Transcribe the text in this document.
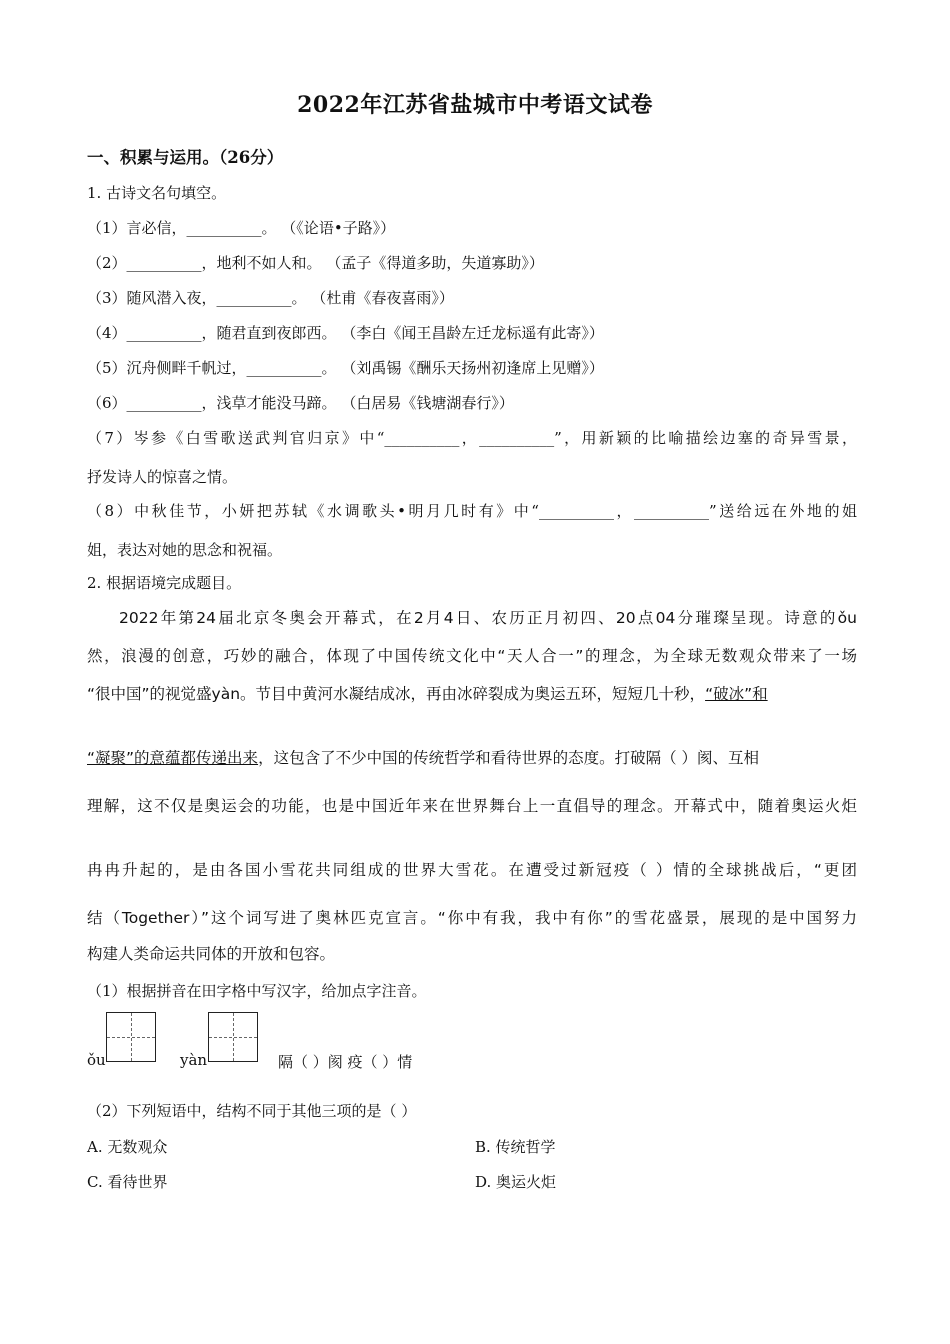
2022年江苏省盐城市中考语文试卷
一、积累与运用。（26分）
1. 古诗文名句填空。
（1）言必信，__________。 （《论语•子路》）
（2）__________，地利不如人和。 （孟子《得道多助，失道寡助》）
（3）随风潜入夜，__________。 （杜甫《春夜喜雨》）
（4）__________，随君直到夜郎西。 （李白《闻王昌龄左迁龙标遥有此寄》）
（5）沉舟侧畔千帆过，__________。 （刘禹锡《酬乐天扬州初逢席上见赠》）
（6）__________，浅草才能没马蹄。 （白居易《钱塘湖春行》）
（7）岑参《白雪歌送武判官归京》中“__________，__________”，用新颖的比喻描绘边塞的奇异雪景，
抒发诗人的惊喜之情。
（8）中秋佳节，小妍把苏轼《水调歌头•明月几时有》中“__________，__________”送给远在外地的姐
姐，表达对她的思念和祝福。
2. 根据语境完成题目。
2022年第24届北京冬奥会开幕式，在2月4日、农历正月初四、20点04分璀璨呈现。诗意的ǒu
然，浪漫的创意，巧妙的融合，体现了中国传统文化中“天人合一”的理念，为全球无数观众带来了一场
“很中国”的视觉盛yàn。节目中黄河水凝结成冰，再由冰碎裂成为奥运五环，短短几十秒，“破冰”和
“凝聚”的意蕴都传递出来，这包含了不少中国的传统哲学和看待世界的态度。打破隔（ ）阂、互相
理解，这不仅是奥运会的功能，也是中国近年来在世界舞台上一直倡导的理念。开幕式中，随着奥运火炬
冉冉升起的，是由各国小雪花共同组成的世界大雪花。在遭受过新冠疫（ ）情的全球挑战后，“更团
结（Together）”这个词写进了奥林匹克宣言。“你中有我，我中有你”的雪花盛景，展现的是中国努力
构建人类命运共同体的开放和包容。
（1）根据拼音在田字格中写汉字，给加点字注音。
ǒu	yàn	隔（ ）阂 疫（ ）情
（2）下列短语中，结构不同于其他三项的是（ ）
A. 无数观众	B. 传统哲学
C. 看待世界	D. 奥运火炬
